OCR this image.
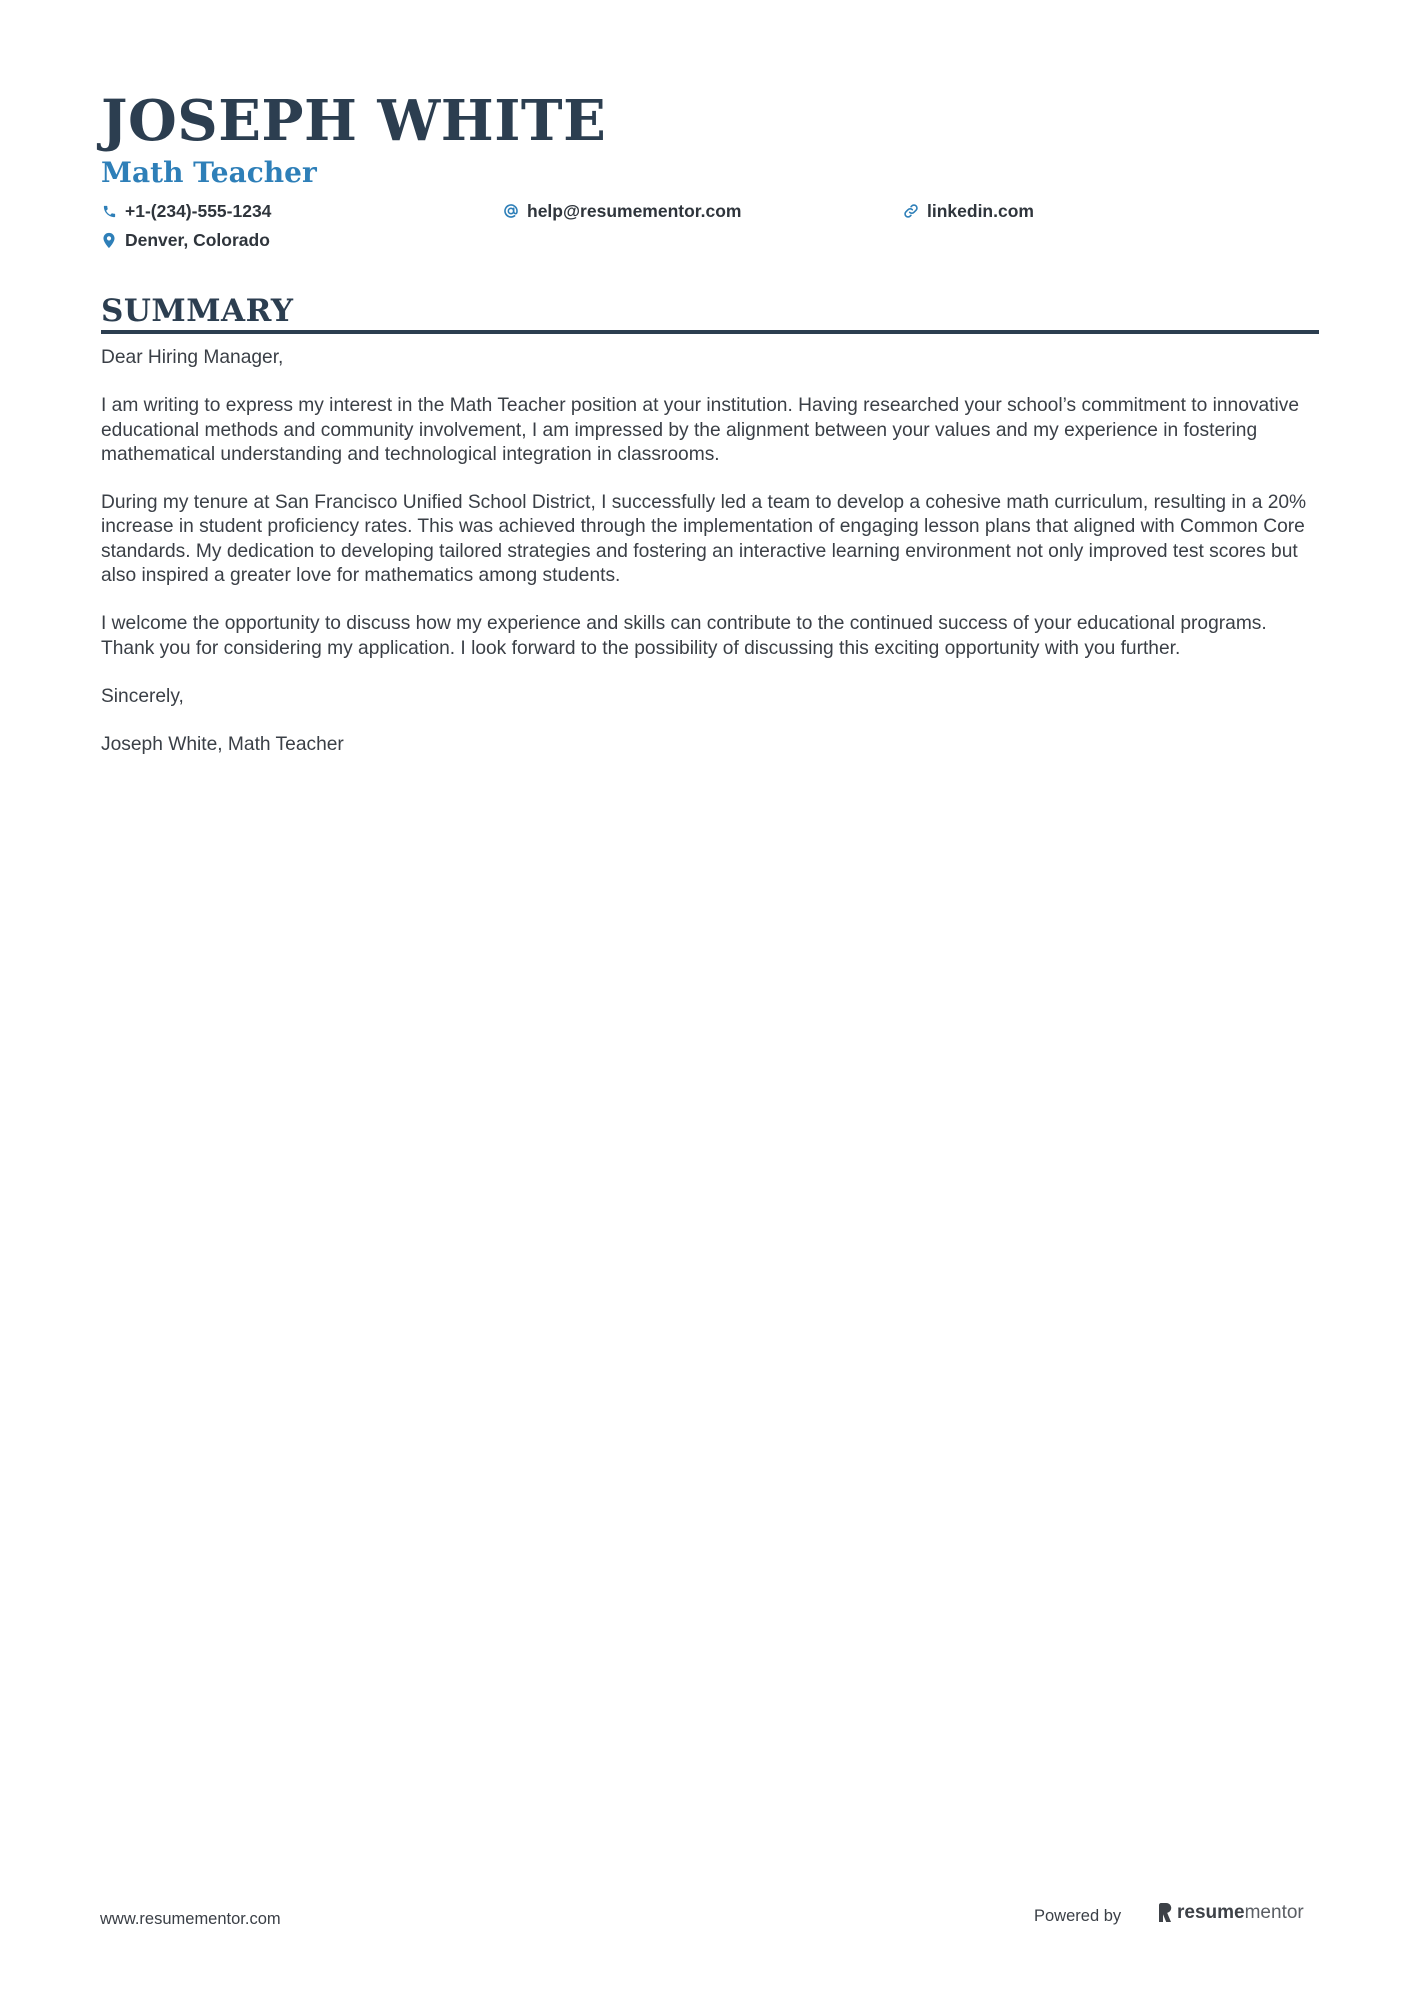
JOSEPH WHITE
Math Teacher
+1-(234)-555-1234	help@resumementor.com	linkedin.com
Denver, Colorado
SUMMARY

Dear Hiring Manager,

I am writing to express my interest in the Math Teacher position at your institution. Having researched your school’s commitment to innovative educational methods and community involvement, I am impressed by the alignment between your values and my experience in fostering mathematical understanding and technological integration in classrooms.

During my tenure at San Francisco Unified School District, I successfully led a team to develop a cohesive math curriculum, resulting in a 20% increase in student proficiency rates. This was achieved through the implementation of engaging lesson plans that aligned with Common Core standards. My dedication to developing tailored strategies and fostering an interactive learning environment not only improved test scores but also inspired a greater love for mathematics among students.

I welcome the opportunity to discuss how my experience and skills can contribute to the continued success of your educational programs. Thank you for considering my application. I look forward to the possibility of discussing this exciting opportunity with you further.

Sincerely,

Joseph White, Math Teacher

www.resumementor.com	Powered by	resume mentor
